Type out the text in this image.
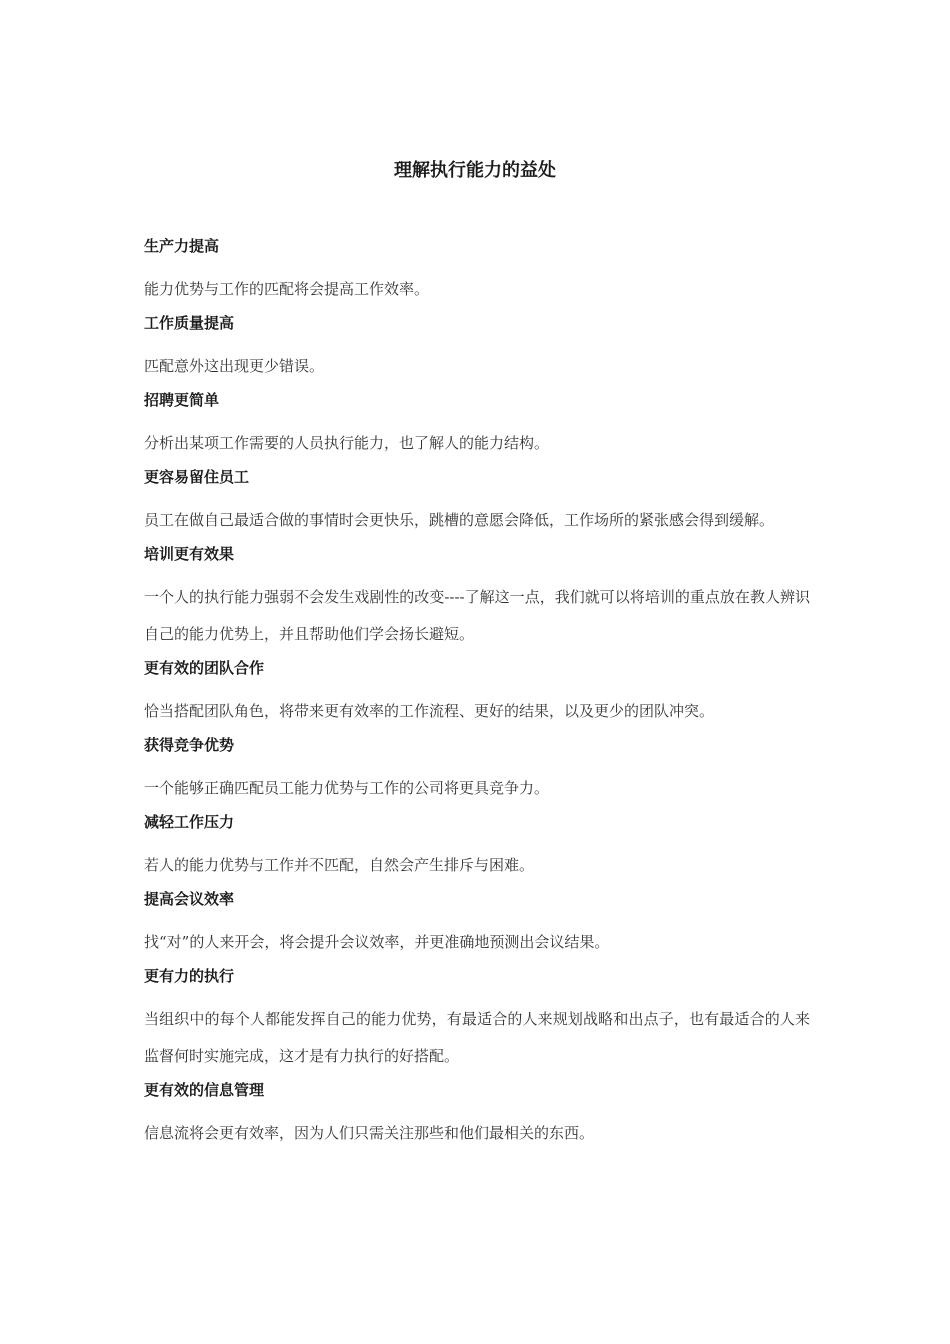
理解执行能力的益处
生产力提高
能力优势与工作的匹配将会提高工作效率。
工作质量提高
匹配意外这出现更少错误。
招聘更简单
分析出某项工作需要的人员执行能力，也了解人的能力结构。
更容易留住员工
员工在做自己最适合做的事情时会更快乐，跳槽的意愿会降低，工作场所的紧张感会得到缓解。
培训更有效果
一个人的执行能力强弱不会发生戏剧性的改变----了解这一点，我们就可以将培训的重点放在教人辨识自己的能力优势上，并且帮助他们学会扬长避短。
更有效的团队合作
恰当搭配团队角色，将带来更有效率的工作流程、更好的结果，以及更少的团队冲突。
获得竞争优势
一个能够正确匹配员工能力优势与工作的公司将更具竞争力。
减轻工作压力
若人的能力优势与工作并不匹配，自然会产生排斥与困难。
提高会议效率
找“对”的人来开会，将会提升会议效率，并更准确地预测出会议结果。
更有力的执行
当组织中的每个人都能发挥自己的能力优势，有最适合的人来规划战略和出点子，也有最适合的人来监督何时实施完成，这才是有力执行的好搭配。
更有效的信息管理
信息流将会更有效率，因为人们只需关注那些和他们最相关的东西。
